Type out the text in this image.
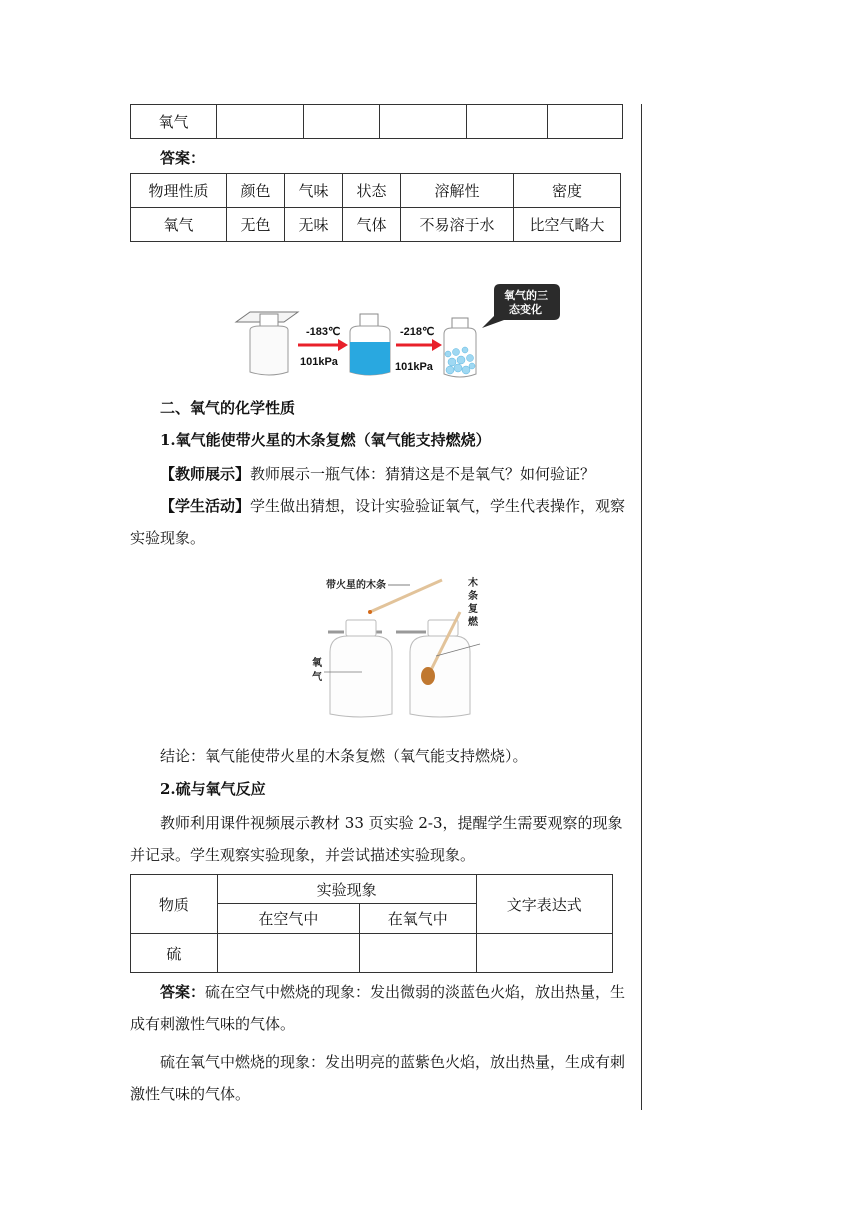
氧气					
答案：
物理性质	颜色	气味	状态	溶解性	密度
氧气	无色	无味	气体	不易溶于水	比空气略大
-183℃
101kPa
-218℃
101kPa
氧气的三
态变化
二、氧气的化学性质
1.氧气能使带火星的木条复燃（氧气能支持燃烧）
【教师展示】教师展示一瓶气体：猜猜这是不是氧气？如何验证？
【学生活动】学生做出猜想，设计实验验证氧气，学生代表操作，观察实验现象。
带火星的木条	木
条
复
燃
氧
气
结论：氧气能使带火星的木条复燃（氧气能支持燃烧）。
2.硫与氧气反应
教师利用课件视频展示教材 33 页实验 2-3，提醒学生需要观察的现象并记录。学生观察实验现象，并尝试描述实验现象。
物质	实验现象		文字表达式
	在空气中	在氧气中	
硫			
答案：硫在空气中燃烧的现象：发出微弱的淡蓝色火焰，放出热量，生成有刺激性气味的气体。
硫在氧气中燃烧的现象：发出明亮的蓝紫色火焰，放出热量，生成有刺激性气味的气体。
